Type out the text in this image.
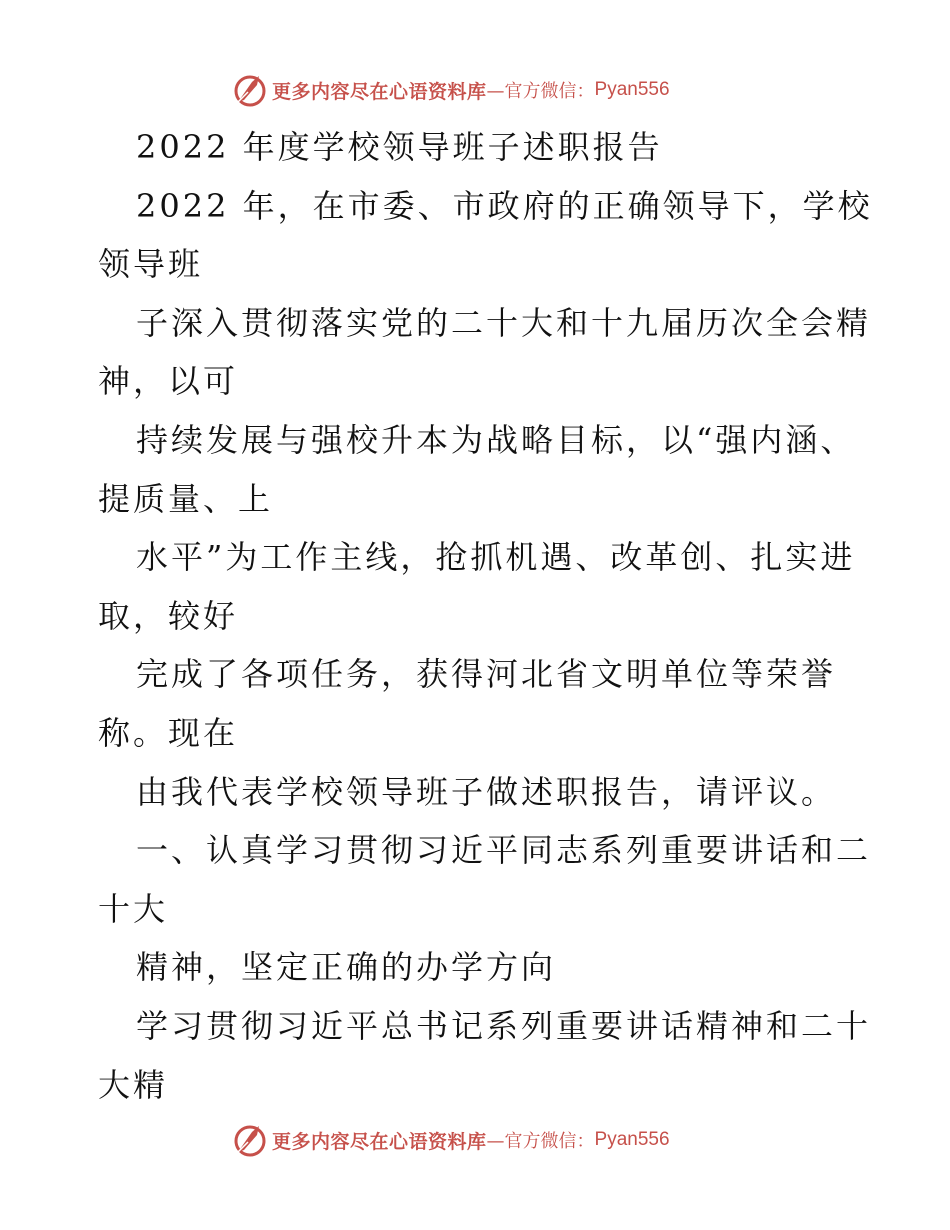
更多内容尽在心语资料库 —官方微信： Pyan556
2022 年度学校领导班子述职报告
2022 年，在市委、市政府的正确领导下，学校
领导班
子深入贯彻落实党的二十大和十九届历次全会精
神，以可
持续发展与强校升本为战略目标，以“强内涵、
提质量、上
水平”为工作主线，抢抓机遇、改革创、扎实进
取，较好
完成了各项任务，获得河北省文明单位等荣誉
称。现在
由我代表学校领导班子做述职报告，请评议。
一、认真学习贯彻习近平同志系列重要讲话和二
十大
精神，坚定正确的办学方向
学习贯彻习近平总书记系列重要讲话精神和二十
大精
更多内容尽在心语资料库 —官方微信： Pyan556
